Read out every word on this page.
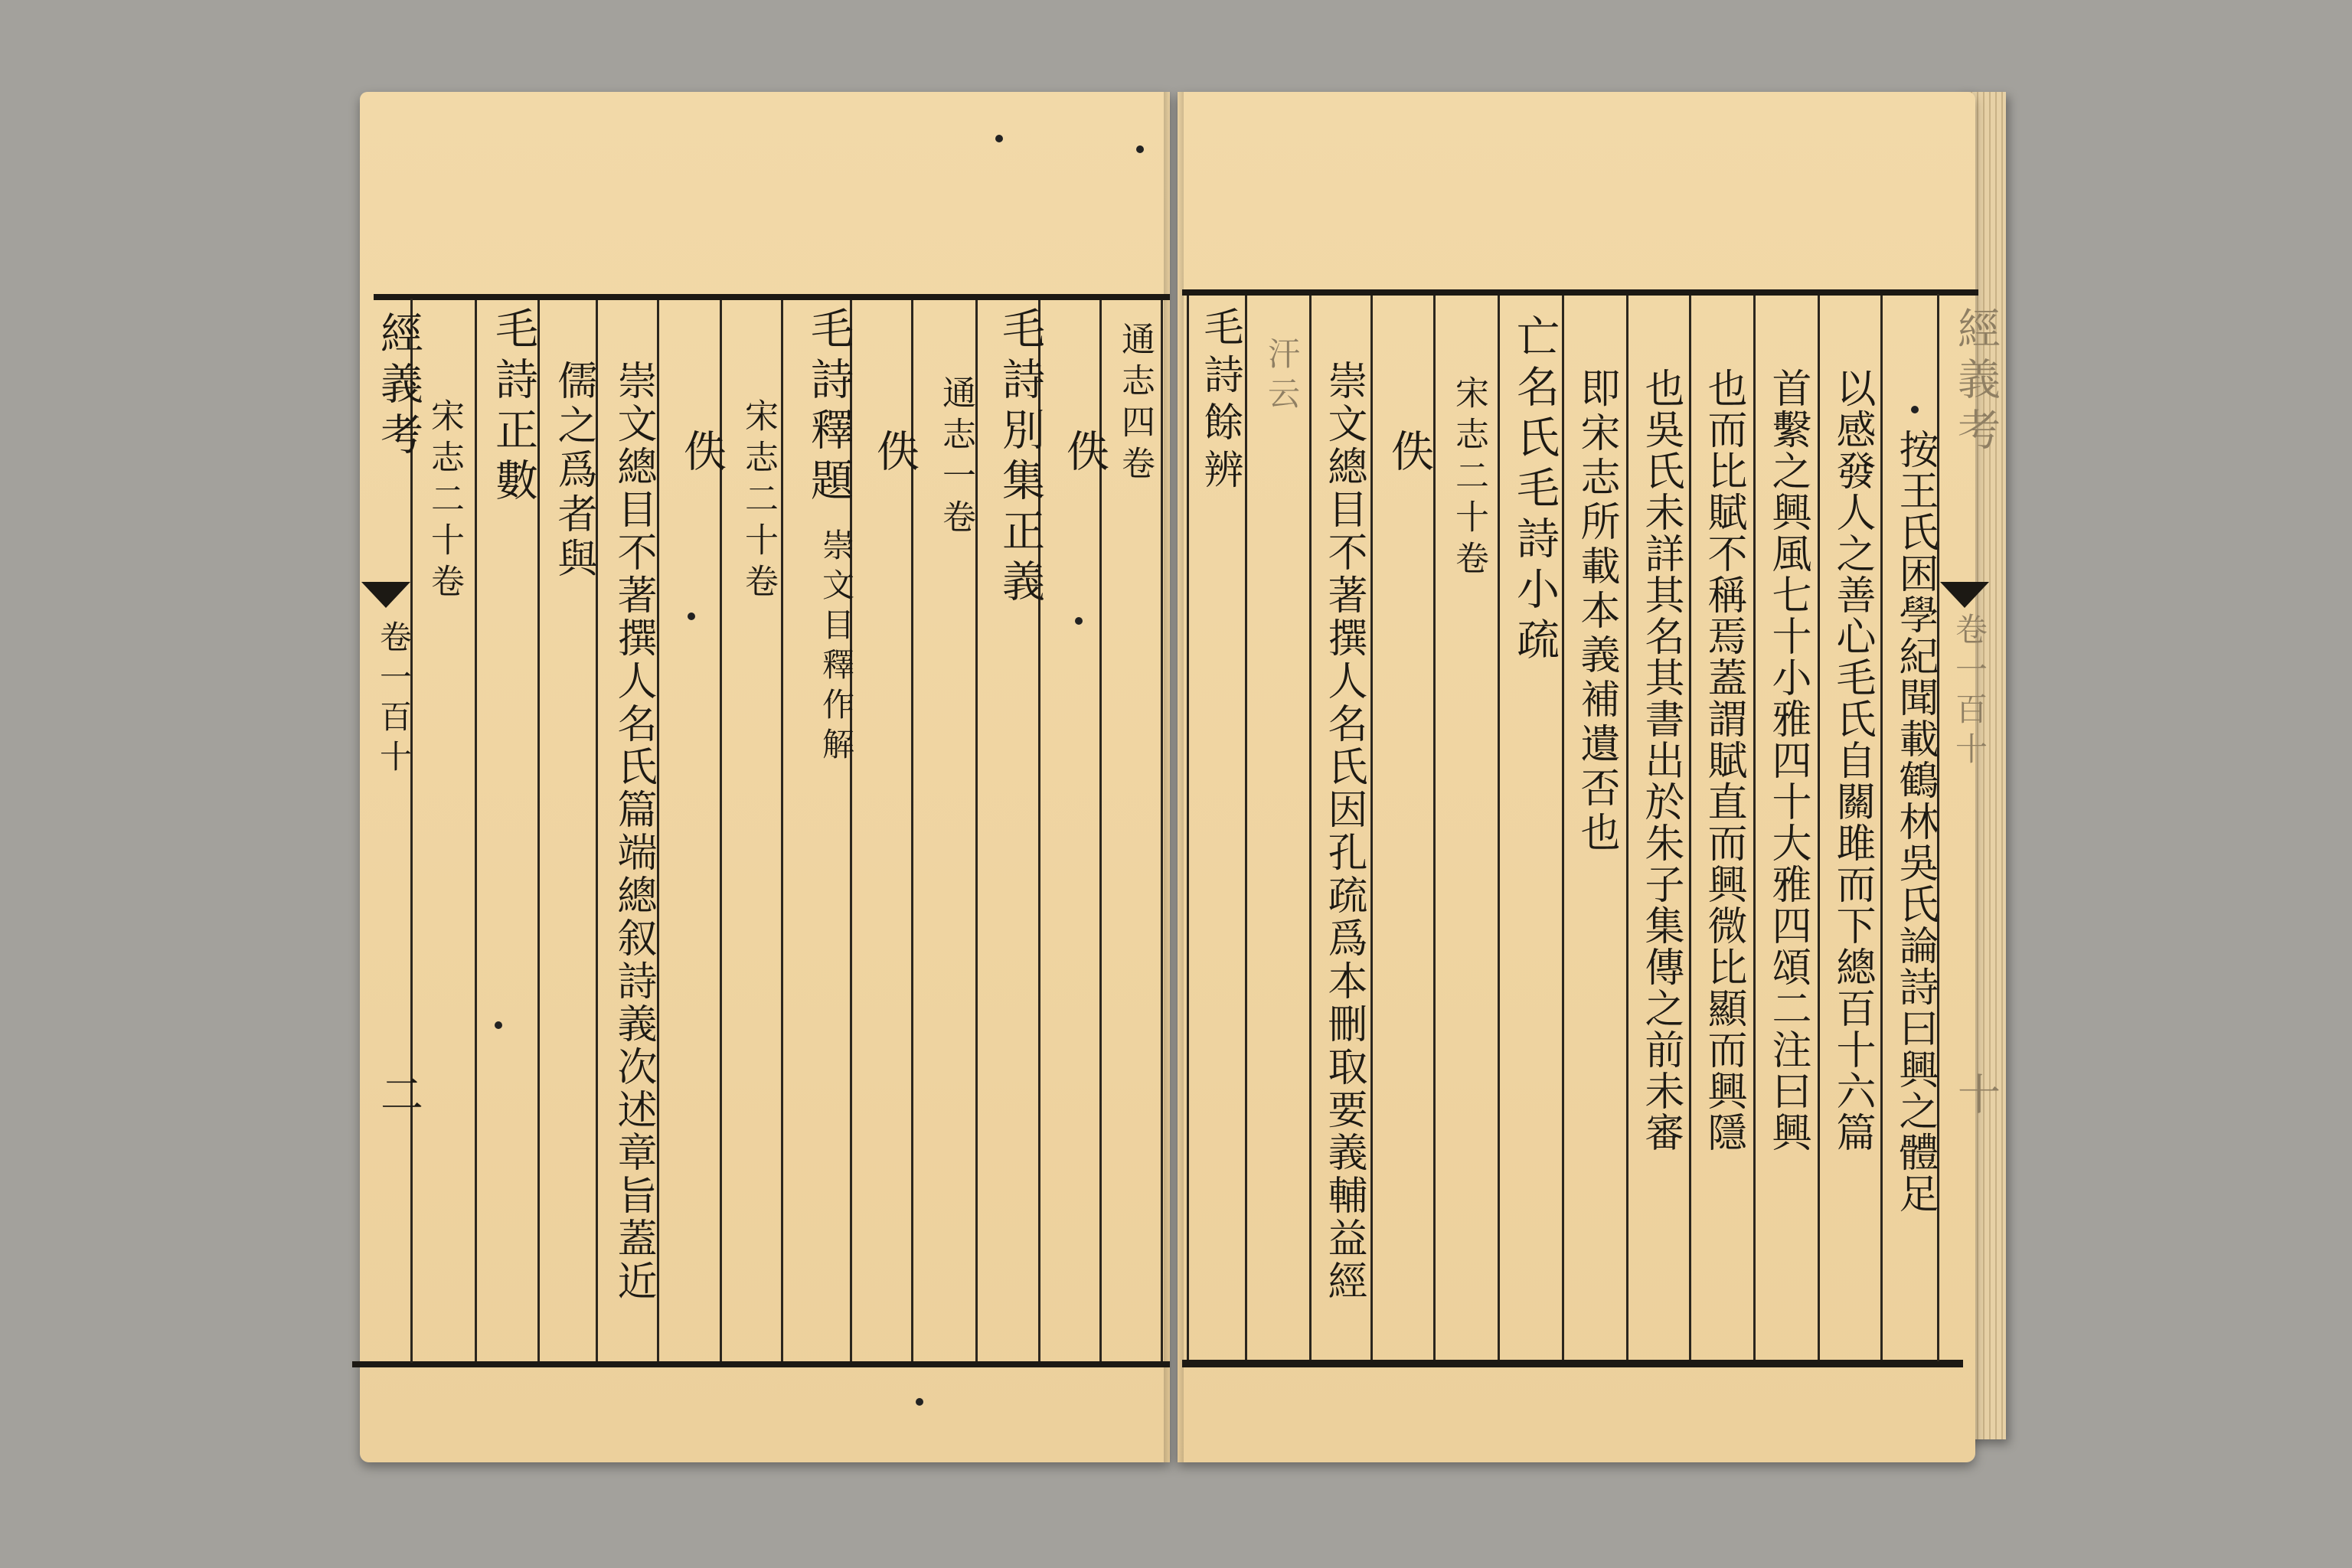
經義考
卷一百十
二
經義考
卷一百十
十
通志四卷
佚
毛詩別集正義
通志一卷
佚
毛詩釋題
崇文目釋作解
宋志二十卷
佚
崇文總目不著撰人名氏篇端總叙詩義次述章旨蓋近
儒之爲者與
毛詩正數
宋志二十卷	毛詩餘辨 汗云 崇文總目不著撰人名氏因孔疏爲本刪取要義輔益經 佚 宋志二十卷 亡名氏毛詩小疏 即宋志所載本義補遺否也 也吳氏未詳其名其書出於朱子集傳之前未審 也而比賦不稱焉蓋謂賦直而興微比顯而興隱 首繫之興風七十小雅四十大雅四頌二注曰興 以感發人之善心毛氏自關雎而下總百十六篇 按王氏困學紀聞載鶴林吳氏論詩曰興之體足
